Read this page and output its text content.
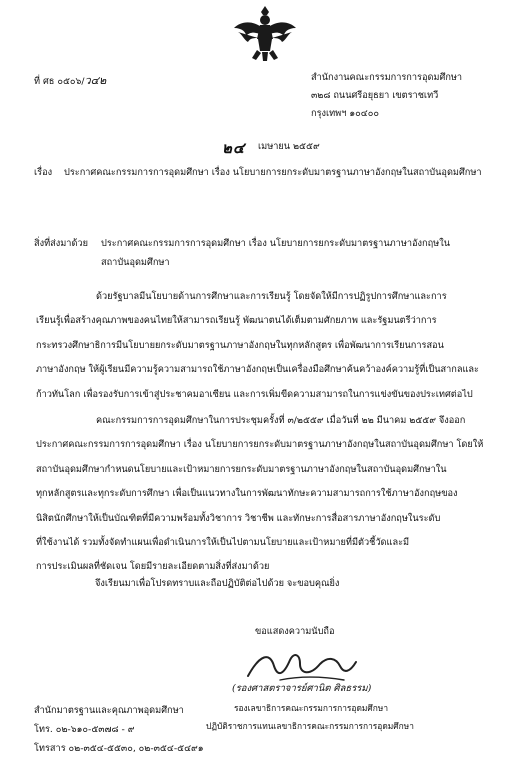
ที่ ศธ ๐๕๐๖/ว๔๒	สำนักงานคณะกรรมการการอุดมศึกษา
๓๒๘ ถนนศรีอยุธยา เขตราชเทวี
กรุงเทพฯ ๑๐๔๐๐
๒๔ เมษายน ๒๕๕๙
เรื่อง ประกาศคณะกรรมการการอุดมศึกษา เรื่อง นโยบายการยกระดับมาตรฐานภาษาอังกฤษในสถาบันอุดมศึกษา
สิ่งที่ส่งมาด้วย ประกาศคณะกรรมการการอุดมศึกษา เรื่อง นโยบายการยกระดับมาตรฐานภาษาอังกฤษใน
สถาบันอุดมศึกษา
ด้วยรัฐบาลมีนโยบายด้านการศึกษาและการเรียนรู้ โดยจัดให้มีการปฏิรูปการศึกษาและการ
เรียนรู้เพื่อสร้างคุณภาพของคนไทยให้สามารถเรียนรู้ พัฒนาตนได้เต็มตามศักยภาพ และรัฐมนตรีว่าการ
กระทรวงศึกษาธิการมีนโยบายยกระดับมาตรฐานภาษาอังกฤษในทุกหลักสูตร เพื่อพัฒนาการเรียนการสอน
ภาษาอังกฤษ ให้ผู้เรียนมีความรู้ความสามารถใช้ภาษาอังกฤษเป็นเครื่องมือศึกษาค้นคว้าองค์ความรู้ที่เป็นสากลและ
ก้าวทันโลก เพื่อรองรับการเข้าสู่ประชาคมอาเซียน และการเพิ่มขีดความสามารถในการแข่งขันของประเทศต่อไป
คณะกรรมการการอุดมศึกษาในการประชุมครั้งที่ ๓/๒๕๕๙ เมื่อวันที่ ๒๒ มีนาคม ๒๕๕๙ จึงออก
ประกาศคณะกรรมการการอุดมศึกษา เรื่อง นโยบายการยกระดับมาตรฐานภาษาอังกฤษในสถาบันอุดมศึกษา โดยให้
สถาบันอุดมศึกษากำหนดนโยบายและเป้าหมายการยกระดับมาตรฐานภาษาอังกฤษในสถาบันอุดมศึกษาใน
ทุกหลักสูตรและทุกระดับการศึกษา เพื่อเป็นแนวทางในการพัฒนาทักษะความสามารถการใช้ภาษาอังกฤษของ
นิสิตนักศึกษาให้เป็นบัณฑิตที่มีความพร้อมทั้งวิชาการ วิชาชีพ และทักษะการสื่อสารภาษาอังกฤษในระดับ
ที่ใช้งานได้ รวมทั้งจัดทำแผนเพื่อดำเนินการให้เป็นไปตามนโยบายและเป้าหมายที่มีตัวชี้วัดและมี
การประเมินผลที่ชัดเจน โดยมีรายละเอียดตามสิ่งที่ส่งมาด้วย
จึงเรียนมาเพื่อโปรดทราบและถือปฏิบัติต่อไปด้วย จะขอบคุณยิ่ง
ขอแสดงความนับถือ
(รองศาสตราจารย์ศานิต ศิลธรรม)
รองเลขาธิการคณะกรรมการการอุดมศึกษา
ปฏิบัติราชการแทนเลขาธิการคณะกรรมการการอุดมศึกษา
สำนักมาตรฐานและคุณภาพอุดมศึกษา
โทร. ๐๒-๖๑๐-๕๓๗๘ - ๙
โทรสาร ๐๒-๓๕๔-๕๕๓๐, ๐๒-๓๕๔-๕๔๙๑
